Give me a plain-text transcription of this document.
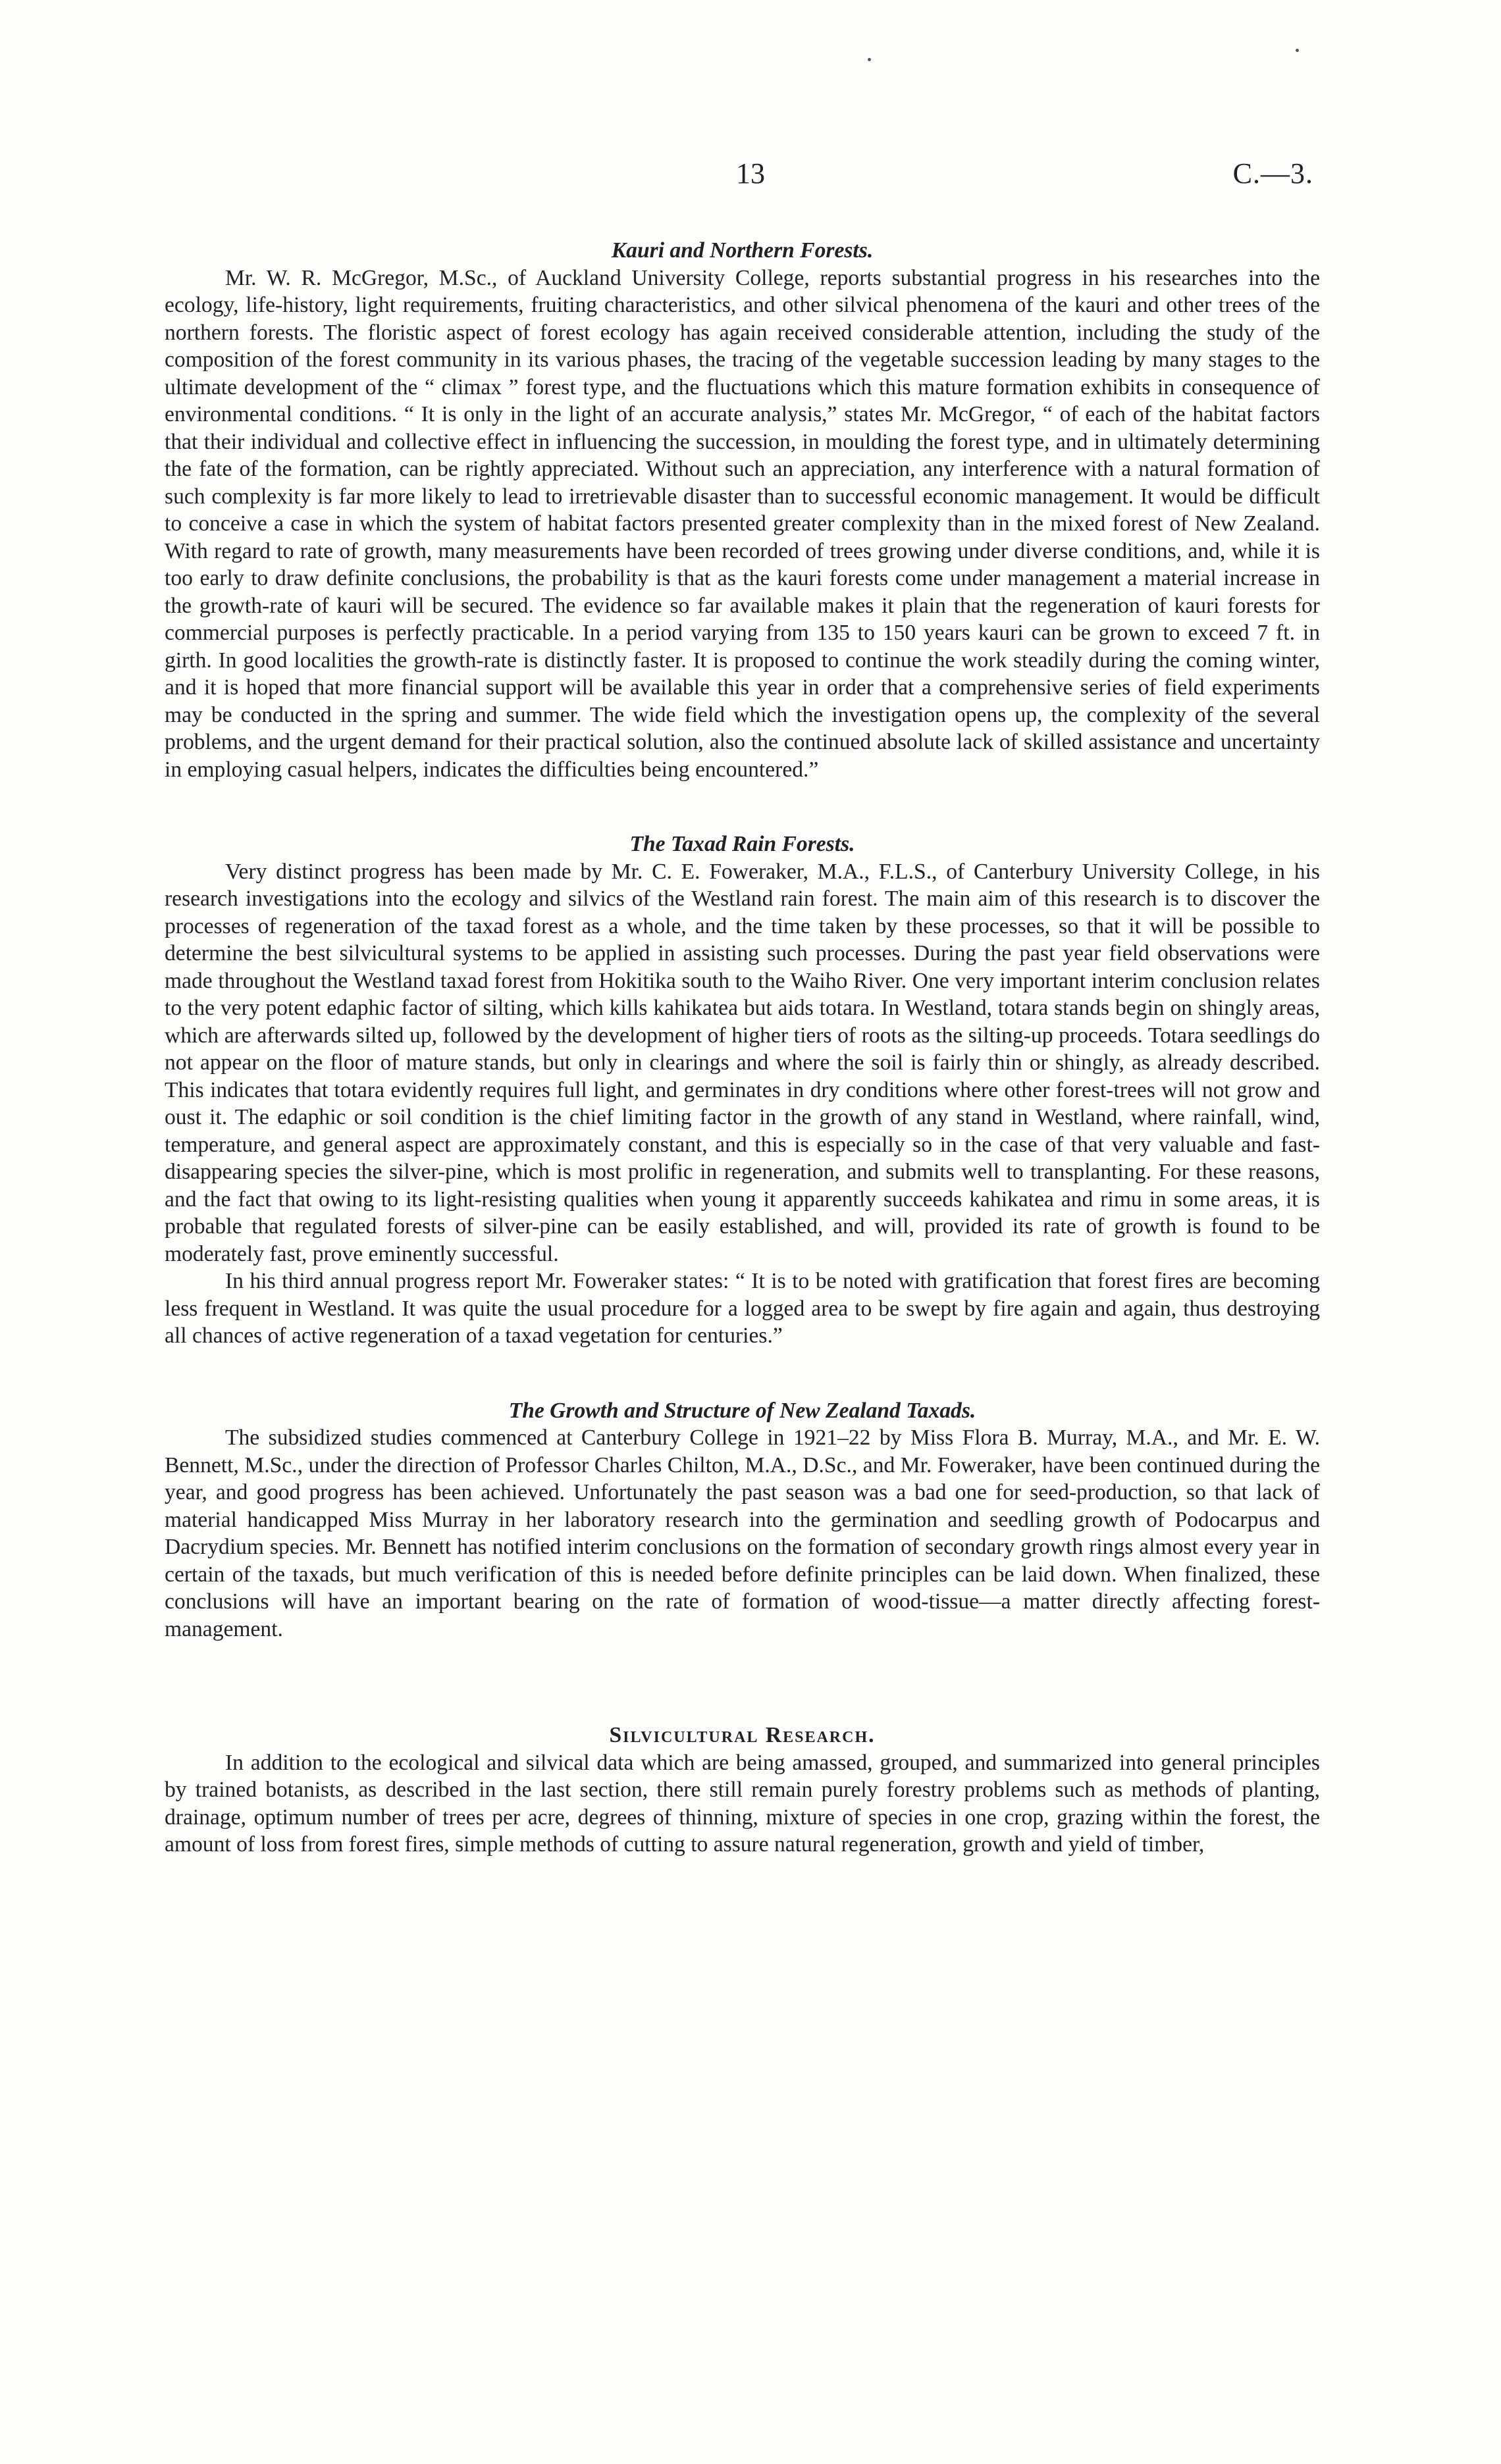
13	C.—3.
Kauri and Northern Forests.

Mr. W. R. McGregor, M.Sc., of Auckland University College, reports substantial progress in his researches into the ecology, life-history, light requirements, fruiting characteristics, and other silvical phenomena of the kauri and other trees of the northern forests. The floristic aspect of forest ecology has again received considerable attention, including the study of the composition of the forest community in its various phases, the tracing of the vegetable succession leading by many stages to the ultimate development of the “ climax ” forest type, and the fluctuations which this mature formation exhibits in consequence of environmental conditions. “ It is only in the light of an accurate analysis,” states Mr. McGregor, “ of each of the habitat factors that their individual and collective effect in influencing the succession, in moulding the forest type, and in ultimately determining the fate of the formation, can be rightly appreciated. Without such an appreciation, any interference with a natural formation of such complexity is far more likely to lead to irretrievable disaster than to successful economic management. It would be difficult to conceive a case in which the system of habitat factors presented greater complexity than in the mixed forest of New Zealand. With regard to rate of growth, many measurements have been recorded of trees growing under diverse conditions, and, while it is too early to draw definite conclusions, the probability is that as the kauri forests come under management a material increase in the growth-rate of kauri will be secured. The evidence so far available makes it plain that the regeneration of kauri forests for commercial purposes is perfectly practicable. In a period varying from 135 to 150 years kauri can be grown to exceed 7 ft. in girth. In good localities the growth-rate is distinctly faster. It is proposed to continue the work steadily during the coming winter, and it is hoped that more financial support will be available this year in order that a comprehensive series of field experiments may be conducted in the spring and summer. The wide field which the investigation opens up, the complexity of the several problems, and the urgent demand for their practical solution, also the continued absolute lack of skilled assistance and uncertainty in employing casual helpers, indicates the difficulties being encountered.”

The Taxad Rain Forests.

Very distinct progress has been made by Mr. C. E. Foweraker, M.A., F.L.S., of Canterbury University College, in his research investigations into the ecology and silvics of the Westland rain forest. The main aim of this research is to discover the processes of regeneration of the taxad forest as a whole, and the time taken by these processes, so that it will be possible to determine the best silvicultural systems to be applied in assisting such processes. During the past year field observations were made throughout the Westland taxad forest from Hokitika south to the Waiho River. One very important interim conclusion relates to the very potent edaphic factor of silting, which kills kahikatea but aids totara. In Westland, totara stands begin on shingly areas, which are afterwards silted up, followed by the development of higher tiers of roots as the silting-up proceeds. Totara seedlings do not appear on the floor of mature stands, but only in clearings and where the soil is fairly thin or shingly, as already described. This indicates that totara evidently requires full light, and germinates in dry conditions where other forest-trees will not grow and oust it. The edaphic or soil condition is the chief limiting factor in the growth of any stand in Westland, where rainfall, wind, temperature, and general aspect are approximately constant, and this is especially so in the case of that very valuable and fast-disappearing species the silver-pine, which is most prolific in regeneration, and submits well to transplanting. For these reasons, and the fact that owing to its light-resisting qualities when young it apparently succeeds kahikatea and rimu in some areas, it is probable that regulated forests of silver-pine can be easily established, and will, provided its rate of growth is found to be moderately fast, prove eminently successful.

In his third annual progress report Mr. Foweraker states: “ It is to be noted with gratification that forest fires are becoming less frequent in Westland. It was quite the usual procedure for a logged area to be swept by fire again and again, thus destroying all chances of active regeneration of a taxad vegetation for centuries.”

The Growth and Structure of New Zealand Taxads.

The subsidized studies commenced at Canterbury College in 1921–22 by Miss Flora B. Murray, M.A., and Mr. E. W. Bennett, M.Sc., under the direction of Professor Charles Chilton, M.A., D.Sc., and Mr. Foweraker, have been continued during the year, and good progress has been achieved. Unfortunately the past season was a bad one for seed-production, so that lack of material handicapped Miss Murray in her laboratory research into the germination and seedling growth of Podocarpus and Dacrydium species. Mr. Bennett has notified interim conclusions on the formation of secondary growth rings almost every year in certain of the taxads, but much verification of this is needed before definite principles can be laid down. When finalized, these conclusions will have an important bearing on the rate of formation of wood-tissue—a matter directly affecting forest-management.

Silvicultural Research.

In addition to the ecological and silvical data which are being amassed, grouped, and summarized into general principles by trained botanists, as described in the last section, there still remain purely forestry problems such as methods of planting, drainage, optimum number of trees per acre, degrees of thinning, mixture of species in one crop, grazing within the forest, the amount of loss from forest fires, simple methods of cutting to assure natural regeneration, growth and yield of timber,
